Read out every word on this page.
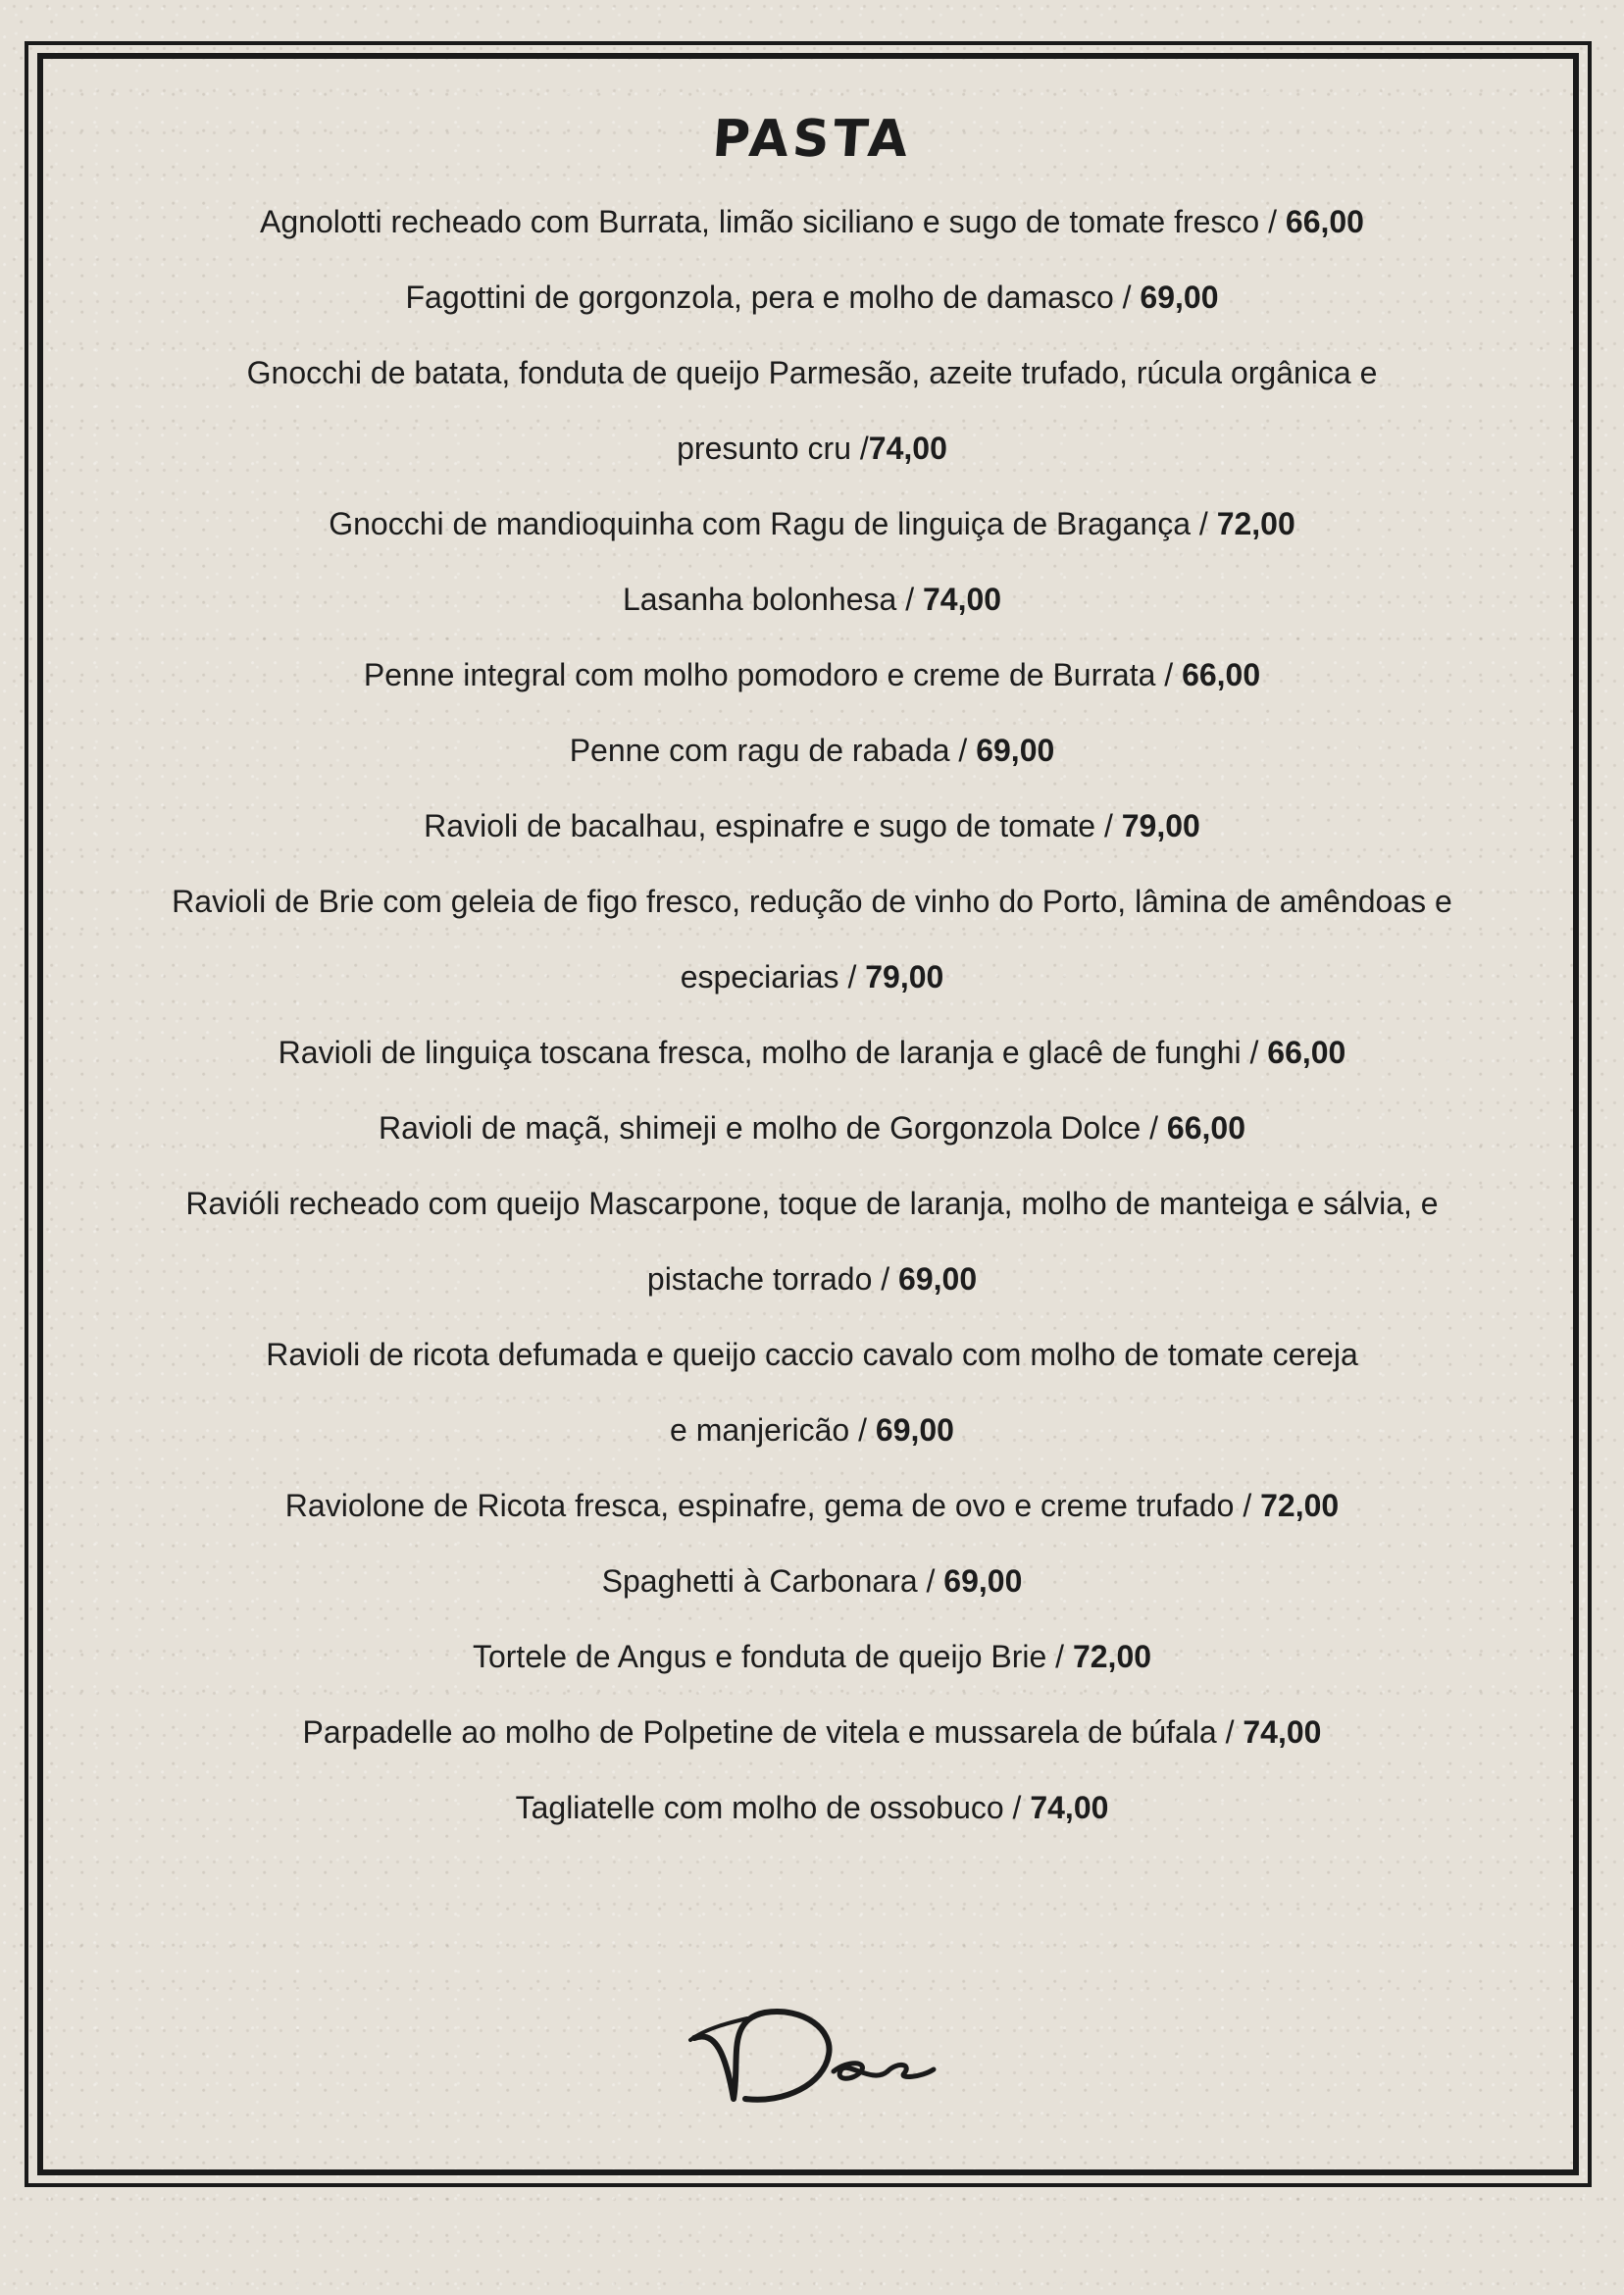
PASTA
Agnolotti recheado com Burrata, limão siciliano e sugo de tomate fresco / 66,00
Fagottini de gorgonzola, pera e molho de damasco / 69,00
Gnocchi de batata, fonduta de queijo Parmesão, azeite trufado, rúcula orgânica e
presunto cru /74,00
Gnocchi de mandioquinha com Ragu de linguiça de Bragança / 72,00
Lasanha bolonhesa / 74,00
Penne integral com molho pomodoro e creme de Burrata / 66,00
Penne com ragu de rabada / 69,00
Ravioli de bacalhau, espinafre e sugo de tomate / 79,00
Ravioli de Brie com geleia de figo fresco, redução de vinho do Porto, lâmina de amêndoas e
especiarias / 79,00
Ravioli de linguiça toscana fresca, molho de laranja e glacê de funghi / 66,00
Ravioli de maçã, shimeji e molho de Gorgonzola Dolce / 66,00
Ravióli recheado com queijo Mascarpone, toque de laranja, molho de manteiga e sálvia, e
pistache torrado / 69,00
Ravioli de ricota defumada e queijo caccio cavalo com molho de tomate cereja
e manjericão / 69,00
Raviolone de Ricota fresca, espinafre, gema de ovo e creme trufado / 72,00
Spaghetti à Carbonara / 69,00
Tortele de Angus e fonduta de queijo Brie / 72,00
Parpadelle ao molho de Polpetine de vitela e mussarela de búfala / 74,00
Tagliatelle com molho de ossobuco / 74,00
